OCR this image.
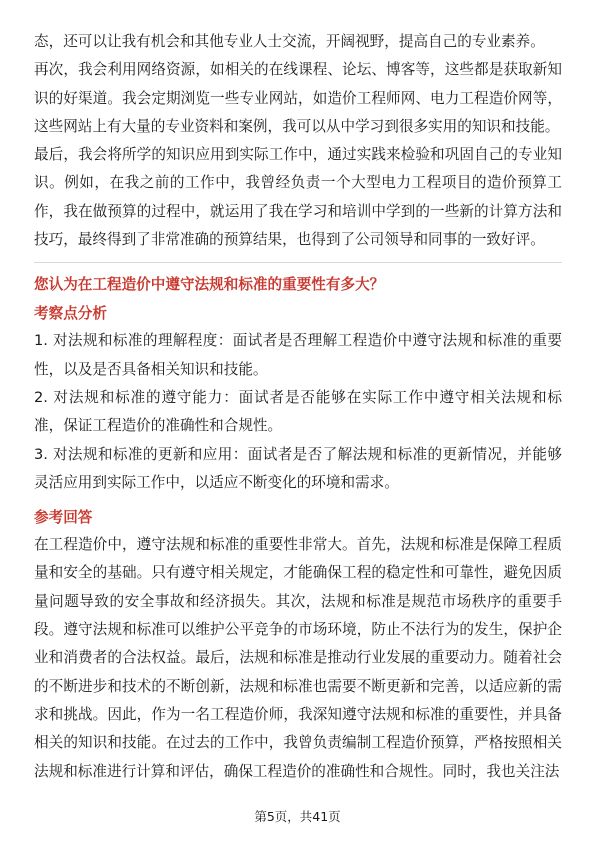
态，还可以让我有机会和其他专业人士交流，开阔视野，提高自己的专业素养。

再次，我会利用网络资源，如相关的在线课程、论坛、博客等，这些都是获取新知识的好渠道。我会定期浏览一些专业网站，如造价工程师网、电力工程造价网等，这些网站上有大量的专业资料和案例，我可以从中学习到很多实用的知识和技能。

最后，我会将所学的知识应用到实际工作中，通过实践来检验和巩固自己的专业知识。例如，在我之前的工作中，我曾经负责一个大型电力工程项目的造价预算工作，我在做预算的过程中，就运用了我在学习和培训中学到的一些新的计算方法和技巧，最终得到了非常准确的预算结果，也得到了公司领导和同事的一致好评。

您认为在工程造价中遵守法规和标准的重要性有多大？

考察点分析

1. 对法规和标准的理解程度：面试者是否理解工程造价中遵守法规和标准的重要性，以及是否具备相关知识和技能。

2. 对法规和标准的遵守能力：面试者是否能够在实际工作中遵守相关法规和标准，保证工程造价的准确性和合规性。

3. 对法规和标准的更新和应用：面试者是否了解法规和标准的更新情况，并能够灵活应用到实际工作中，以适应不断变化的环境和需求。

参考回答

在工程造价中，遵守法规和标准的重要性非常大。首先，法规和标准是保障工程质量和安全的基础。只有遵守相关规定，才能确保工程的稳定性和可靠性，避免因质量问题导致的安全事故和经济损失。其次，法规和标准是规范市场秩序的重要手段。遵守法规和标准可以维护公平竞争的市场环境，防止不法行为的发生，保护企业和消费者的合法权益。最后，法规和标准是推动行业发展的重要动力。随着社会的不断进步和技术的不断创新，法规和标准也需要不断更新和完善，以适应新的需求和挑战。因此，作为一名工程造价师，我深知遵守法规和标准的重要性，并具备相关的知识和技能。在过去的工作中，我曾负责编制工程造价预算，严格按照相关法规和标准进行计算和评估，确保工程造价的准确性和合规性。同时，我也关注法

第5页，共41页
